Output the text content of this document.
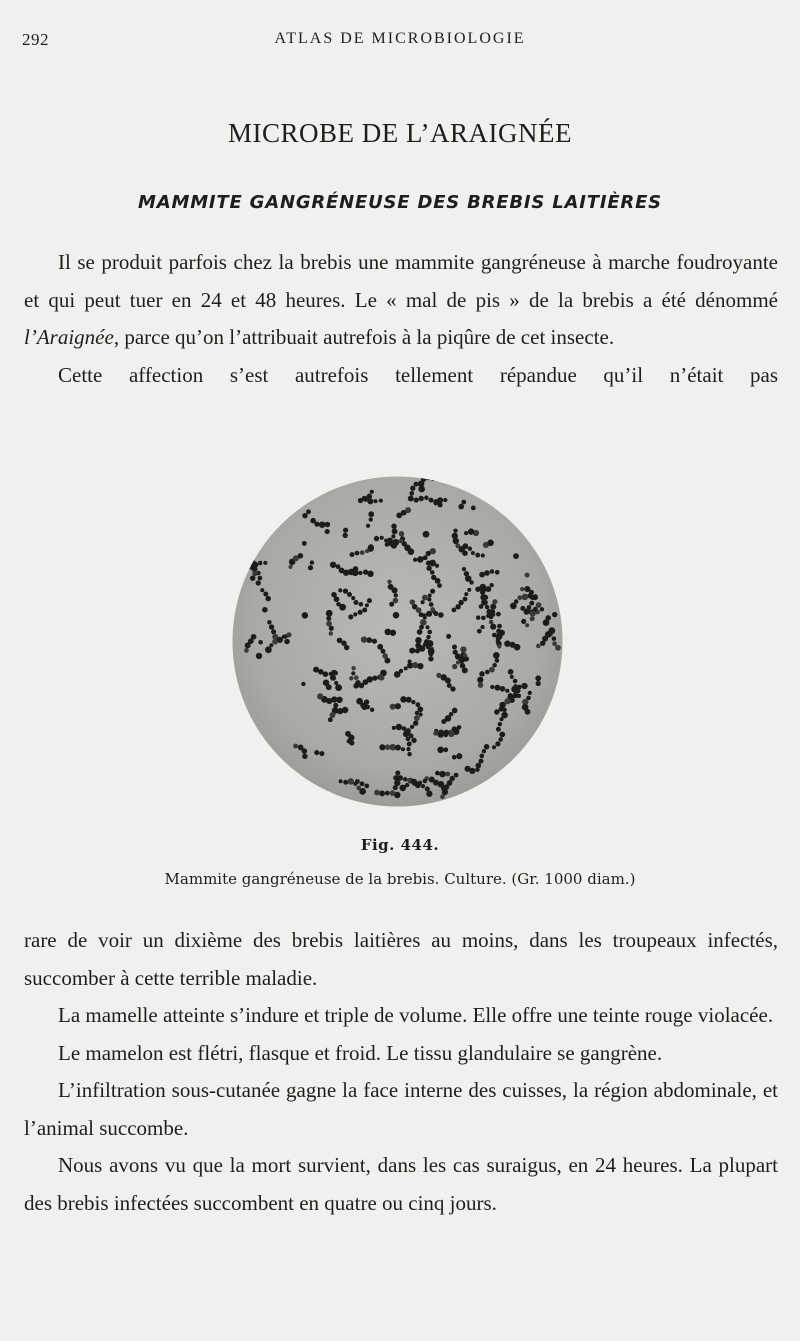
292	ATLAS DE MICROBIOLOGIE
MICROBE DE L’ARAIGNÉE
MAMMITE GANGRÉNEUSE DES BREBIS LAITIÈRES

Il se produit parfois chez la brebis une mammite gangréneuse à marche foudroyante et qui peut tuer en 24 et 48 heures. Le « mal de pis » de la brebis a été dénommé l’Araignée, parce qu’on l’attribuait autrefois à la piqûre de cet insecte.

Cette affection s’est autrefois tellement répandue qu’il n’était pas

Fig. 444.
Mammite gangréneuse de la brebis. Culture. (Gr. 1000 diam.)

rare de voir un dixième des brebis laitières au moins, dans les troupeaux infectés, succomber à cette terrible maladie.

La mamelle atteinte s’indure et triple de volume. Elle offre une teinte rouge violacée.

Le mamelon est flétri, flasque et froid. Le tissu glandulaire se gangrène.

L’infiltration sous-cutanée gagne la face interne des cuisses, la région abdominale, et l’animal succombe.

Nous avons vu que la mort survient, dans les cas suraigus, en 24 heures. La plupart des brebis infectées succombent en quatre ou cinq jours.
